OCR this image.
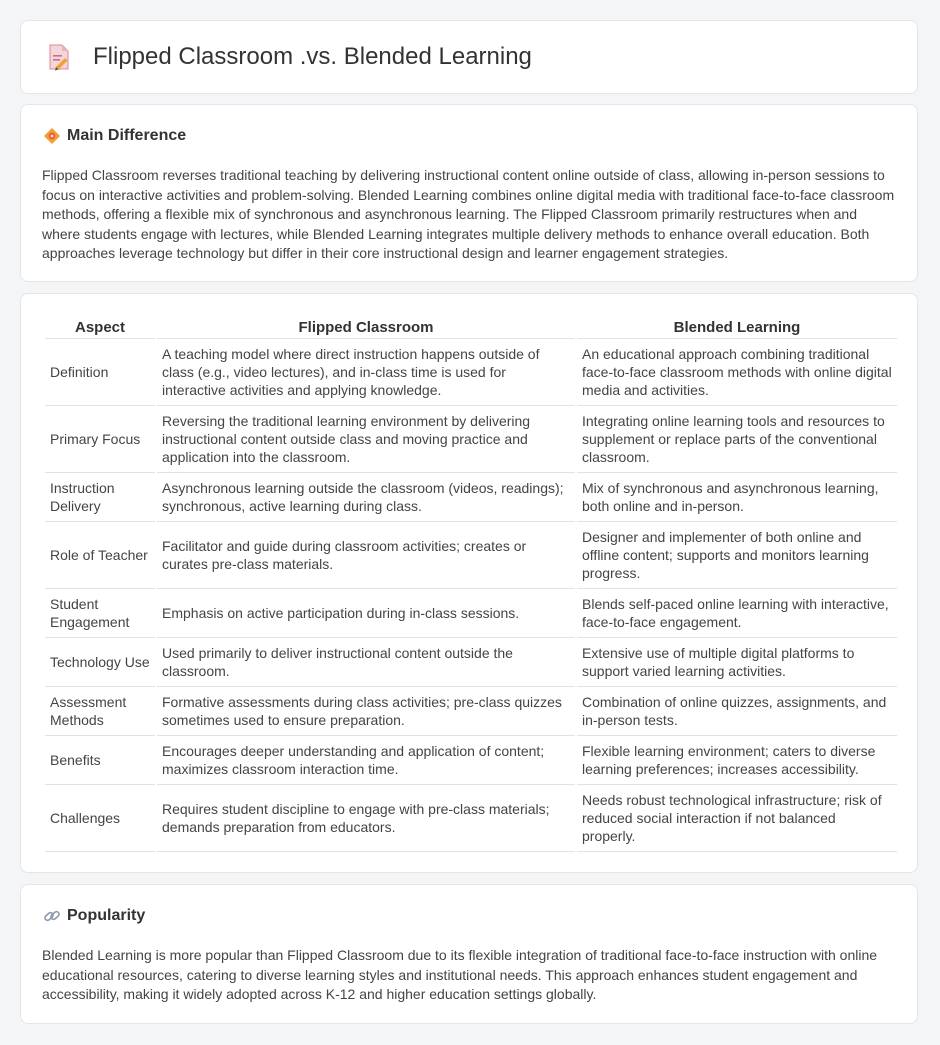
Flipped Classroom .vs. Blended Learning
Main Difference
Flipped Classroom reverses traditional teaching by delivering instructional content online outside of class, allowing in-person sessions to focus on interactive activities and problem-solving. Blended Learning combines online digital media with traditional face-to-face classroom methods, offering a flexible mix of synchronous and asynchronous learning. The Flipped Classroom primarily restructures when and where students engage with lectures, while Blended Learning integrates multiple delivery methods to enhance overall education. Both approaches leverage technology but differ in their core instructional design and learner engagement strategies.
Aspect	Flipped Classroom	Blended Learning
Definition	A teaching model where direct instruction happens outside of class (e.g., video lectures), and in-class time is used for interactive activities and applying knowledge.	An educational approach combining traditional face-to-face classroom methods with online digital media and activities.
Primary Focus	Reversing the traditional learning environment by delivering instructional content outside class and moving practice and application into the classroom.	Integrating online learning tools and resources to supplement or replace parts of the conventional classroom.
Instruction Delivery	Asynchronous learning outside the classroom (videos, readings); synchronous, active learning during class.	Mix of synchronous and asynchronous learning, both online and in-person.
Role of Teacher	Facilitator and guide during classroom activities; creates or curates pre-class materials.	Designer and implementer of both online and offline content; supports and monitors learning progress.
Student Engagement	Emphasis on active participation during in-class sessions.	Blends self-paced online learning with interactive, face-to-face engagement.
Technology Use	Used primarily to deliver instructional content outside the classroom.	Extensive use of multiple digital platforms to support varied learning activities.
Assessment Methods	Formative assessments during class activities; pre-class quizzes sometimes used to ensure preparation.	Combination of online quizzes, assignments, and in-person tests.
Benefits	Encourages deeper understanding and application of content; maximizes classroom interaction time.	Flexible learning environment; caters to diverse learning preferences; increases accessibility.
Challenges	Requires student discipline to engage with pre-class materials; demands preparation from educators.	Needs robust technological infrastructure; risk of reduced social interaction if not balanced properly.
Popularity
Blended Learning is more popular than Flipped Classroom due to its flexible integration of traditional face-to-face instruction with online educational resources, catering to diverse learning styles and institutional needs. This approach enhances student engagement and accessibility, making it widely adopted across K-12 and higher education settings globally.
